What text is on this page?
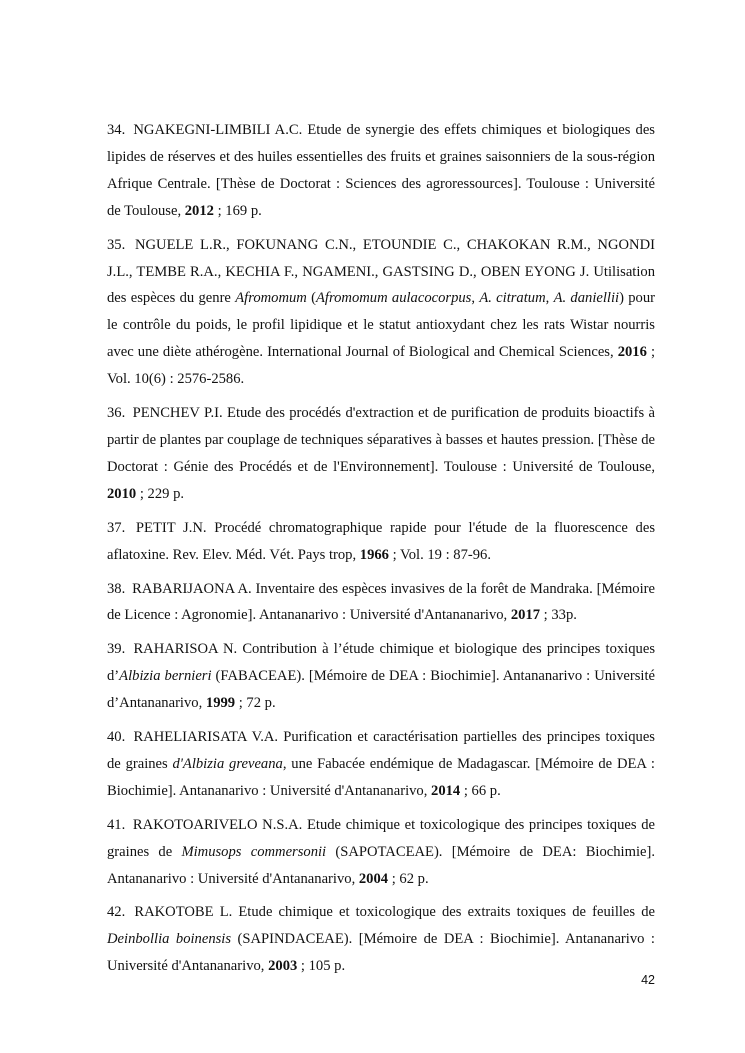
34. NGAKEGNI-LIMBILI A.C. Etude de synergie des effets chimiques et biologiques des lipides de réserves et des huiles essentielles des fruits et graines saisonniers de la sous-région Afrique Centrale. [Thèse de Doctorat : Sciences des agroressources]. Toulouse : Université de Toulouse, 2012 ; 169 p.

35. NGUELE L.R., FOKUNANG C.N., ETOUNDIE C., CHAKOKAN R.M., NGONDI J.L., TEMBE R.A., KECHIA F., NGAMENI., GASTSING D., OBEN EYONG J. Utilisation des espèces du genre Afromomum (Afromomum aulacocorpus, A. citratum, A. daniellii) pour le contrôle du poids, le profil lipidique et le statut antioxydant chez les rats Wistar nourris avec une diète athérogène. International Journal of Biological and Chemical Sciences, 2016 ; Vol. 10(6) : 2576-2586.

36. PENCHEV P.I. Etude des procédés d'extraction et de purification de produits bioactifs à partir de plantes par couplage de techniques séparatives à basses et hautes pression. [Thèse de Doctorat : Génie des Procédés et de l'Environnement]. Toulouse : Université de Toulouse, 2010 ; 229 p.

37. PETIT J.N. Procédé chromatographique rapide pour l'étude de la fluorescence des aflatoxine. Rev. Elev. Méd. Vét. Pays trop, 1966 ; Vol. 19 : 87-96.

38. RABARIJAONA A. Inventaire des espèces invasives de la forêt de Mandraka. [Mémoire de Licence : Agronomie]. Antananarivo : Université d'Antananarivo, 2017 ; 33p.

39. RAHARISOA N. Contribution à l’étude chimique et biologique des principes toxiques d’Albizia bernieri (FABACEAE). [Mémoire de DEA : Biochimie]. Antananarivo : Université d’Antananarivo, 1999 ; 72 p.

40. RAHELIARISATA V.A. Purification et caractérisation partielles des principes toxiques de graines d'Albizia greveana, une Fabacée endémique de Madagascar. [Mémoire de DEA : Biochimie]. Antananarivo : Université d'Antananarivo, 2014 ; 66 p.

41. RAKOTOARIVELO N.S.A. Etude chimique et toxicologique des principes toxiques de graines de Mimusops commersonii (SAPOTACEAE). [Mémoire de DEA: Biochimie]. Antananarivo : Université d'Antananarivo, 2004 ; 62 p.

42. RAKOTOBE L. Etude chimique et toxicologique des extraits toxiques de feuilles de Deinbollia boinensis (SAPINDACEAE). [Mémoire de DEA : Biochimie]. Antananarivo : Université d'Antananarivo, 2003 ; 105 p.

42
